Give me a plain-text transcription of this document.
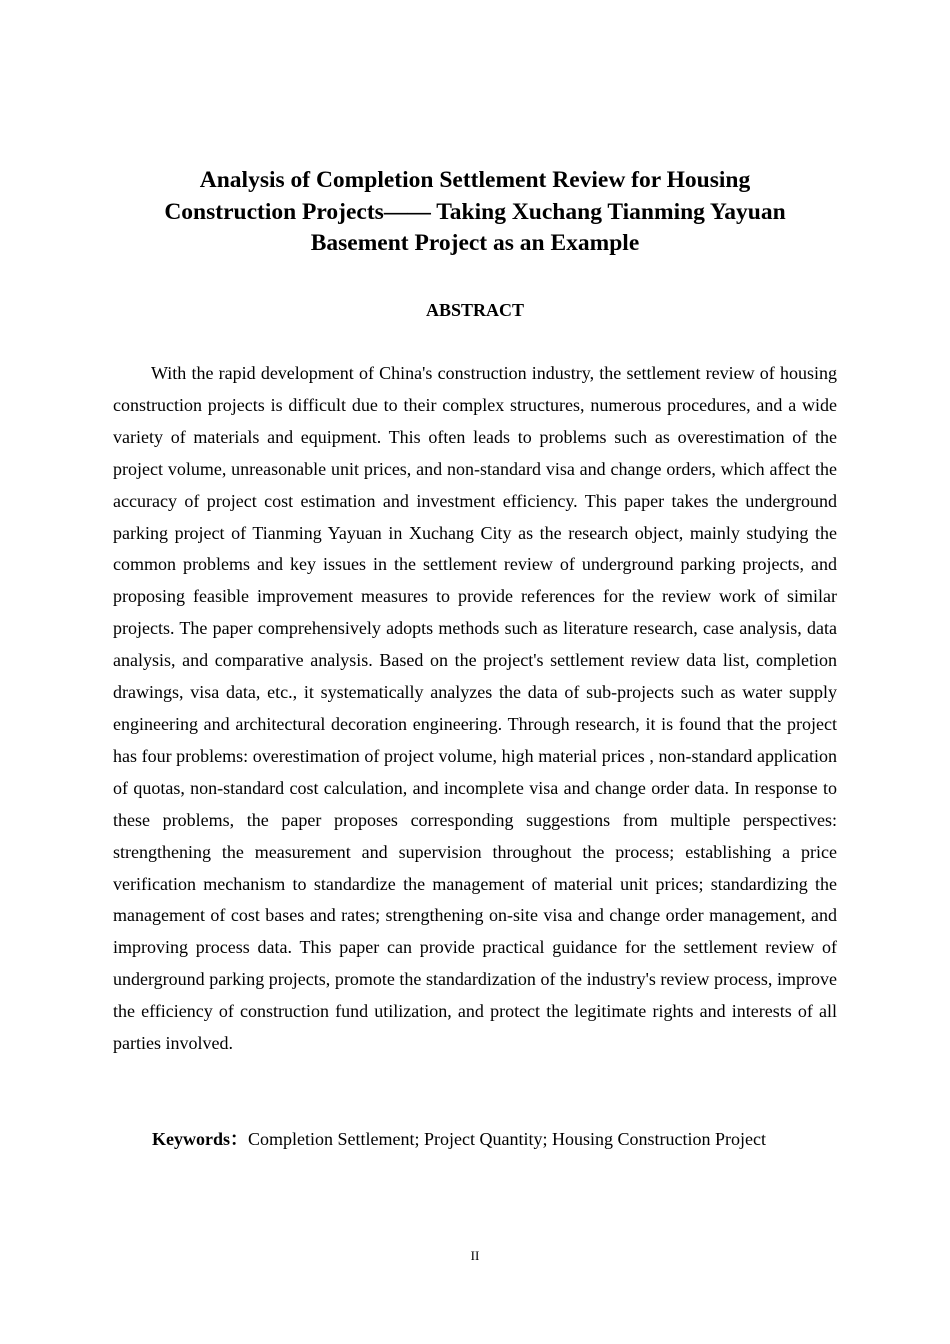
Analysis of Completion Settlement Review for Housing
Construction Projects—— Taking Xuchang Tianming Yayuan
Basement Project as an Example
ABSTRACT

With the rapid development of China's construction industry, the settlement review of housing construction projects is difficult due to their complex structures, numerous procedures, and a wide variety of materials and equipment. This often leads to problems such as overestimation of the project volume, unreasonable unit prices, and non-standard visa and change orders, which affect the accuracy of project cost estimation and investment efficiency. This paper takes the underground parking project of Tianming Yayuan in Xuchang City as the research object, mainly studying the common problems and key issues in the settlement review of underground parking projects, and proposing feasible improvement measures to provide references for the review work of similar projects. The paper comprehensively adopts methods such as literature research, case analysis, data analysis, and comparative analysis. Based on the project's settlement review data list, completion drawings, visa data, etc., it systematically analyzes the data of sub-projects such as water supply engineering and architectural decoration engineering. Through research, it is found that the project has four problems: overestimation of project volume, high material prices , non-standard application of quotas, non-standard cost calculation, and incomplete visa and change order data. In response to these problems, the paper proposes corresponding suggestions from multiple perspectives: strengthening the measurement and supervision throughout the process; establishing a price verification mechanism to standardize the management of material unit prices; standardizing the management of cost bases and rates; strengthening on-site visa and change order management, and improving process data. This paper can provide practical guidance for the settlement review of underground parking projects, promote the standardization of the industry's review process, improve the efficiency of construction fund utilization, and protect the legitimate rights and interests of all parties involved.

Keywords：Completion Settlement; Project Quantity; Housing Construction Project

II
